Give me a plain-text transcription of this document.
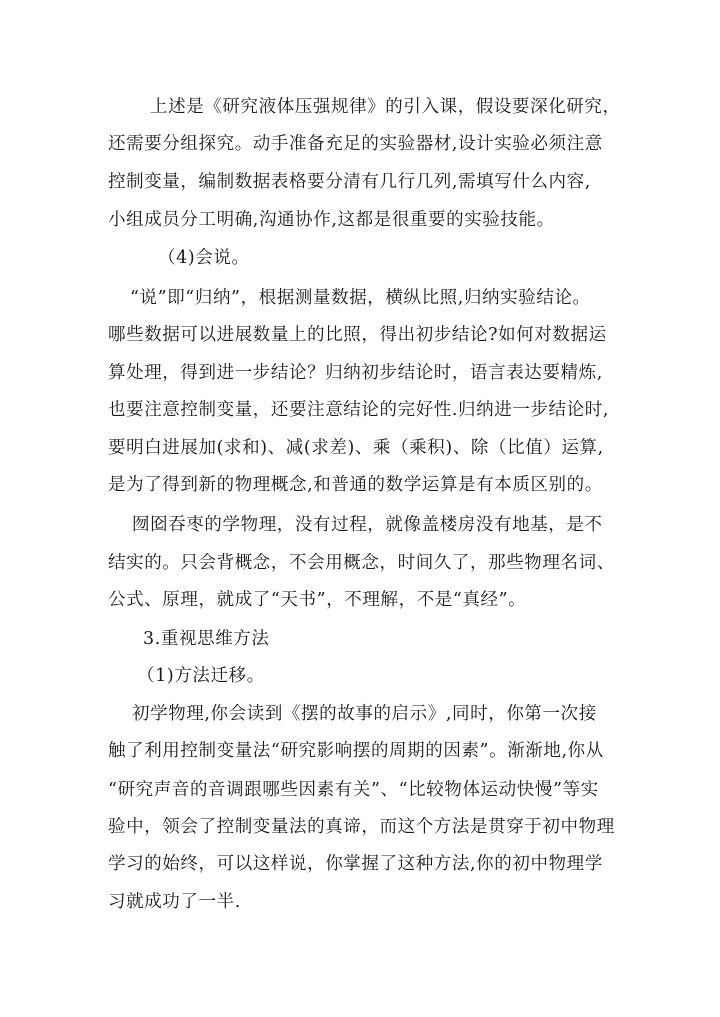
上述是《研究液体压强规律》的引入课，假设要深化研究，
还需要分组探究。动手准备充足的实验器材,设计实验必须注意
控制变量，编制数据表格要分清有几行几列,需填写什么内容,
小组成员分工明确,沟通协作,这都是很重要的实验技能。
（4)会说。
“说”即“归纳”，根据测量数据，横纵比照,归纳实验结论。
哪些数据可以进展数量上的比照，得出初步结论?如何对数据运
算处理，得到进一步结论？归纳初步结论时，语言表达要精炼,
也要注意控制变量，还要注意结论的完好性.归纳进一步结论时,
要明白进展加(求和)、减(求差)、乘（乘积)、除（比值）运算,
是为了得到新的物理概念,和普通的数学运算是有本质区别的。
囫囵吞枣的学物理，没有过程，就像盖楼房没有地基，是不
结实的。只会背概念，不会用概念，时间久了，那些物理名词、
公式、原理，就成了“天书”，不理解，不是“真经”。
3.重视思维方法
（1)方法迁移。
初学物理,你会读到《摆的故事的启示》,同时，你第一次接
触了利用控制变量法“研究影响摆的周期的因素”。渐渐地,你从
“研究声音的音调跟哪些因素有关”、“比较物体运动快慢”等实
验中，领会了控制变量法的真谛，而这个方法是贯穿于初中物理
学习的始终，可以这样说，你掌握了这种方法,你的初中物理学
习就成功了一半.
